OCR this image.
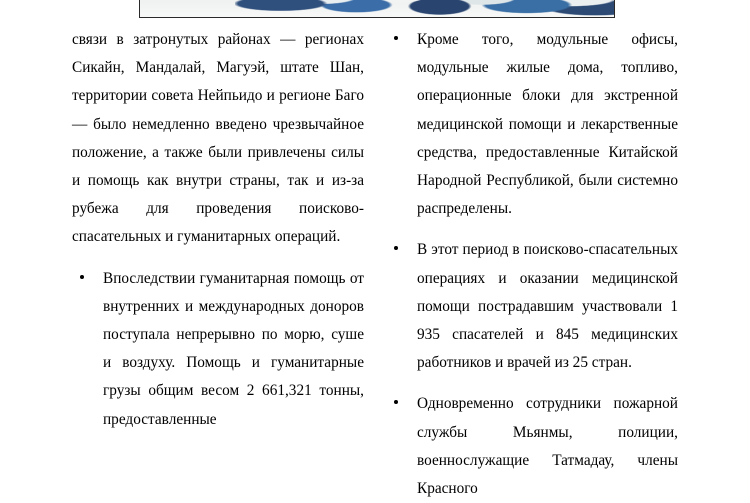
связи в затронутых районах — регионах Сикайн, Мандалай, Магуэй, штате Шан, территории совета Нейпьидо и регионе Баго — было немедленно введено чрезвычайное положение, а также были привлечены силы и помощь как внутри страны, так и из-за рубежа для проведения поисково-спасательных и гуманитарных операций.

Впоследствии гуманитарная помощь от внутренних и международных доноров поступала непрерывно по морю, суше и воздуху. Помощь и гуманитарные грузы общим весом 2 661,321 тонны, предоставленные

Кроме того, модульные офисы, модульные жилые дома, топливо, операционные блоки для экстренной медицинской помощи и лекарственные средства, предоставленные Китайской Народной Республикой, были системно распределены.

В этот период в поисково-спасательных операциях и оказании медицинской помощи пострадавшим участвовали 1 935 спасателей и 845 медицинских работников и врачей из 25 стран.

Одновременно сотрудники пожарной службы Мьянмы, полиции, военнослужащие Татмадау, члены Красного
